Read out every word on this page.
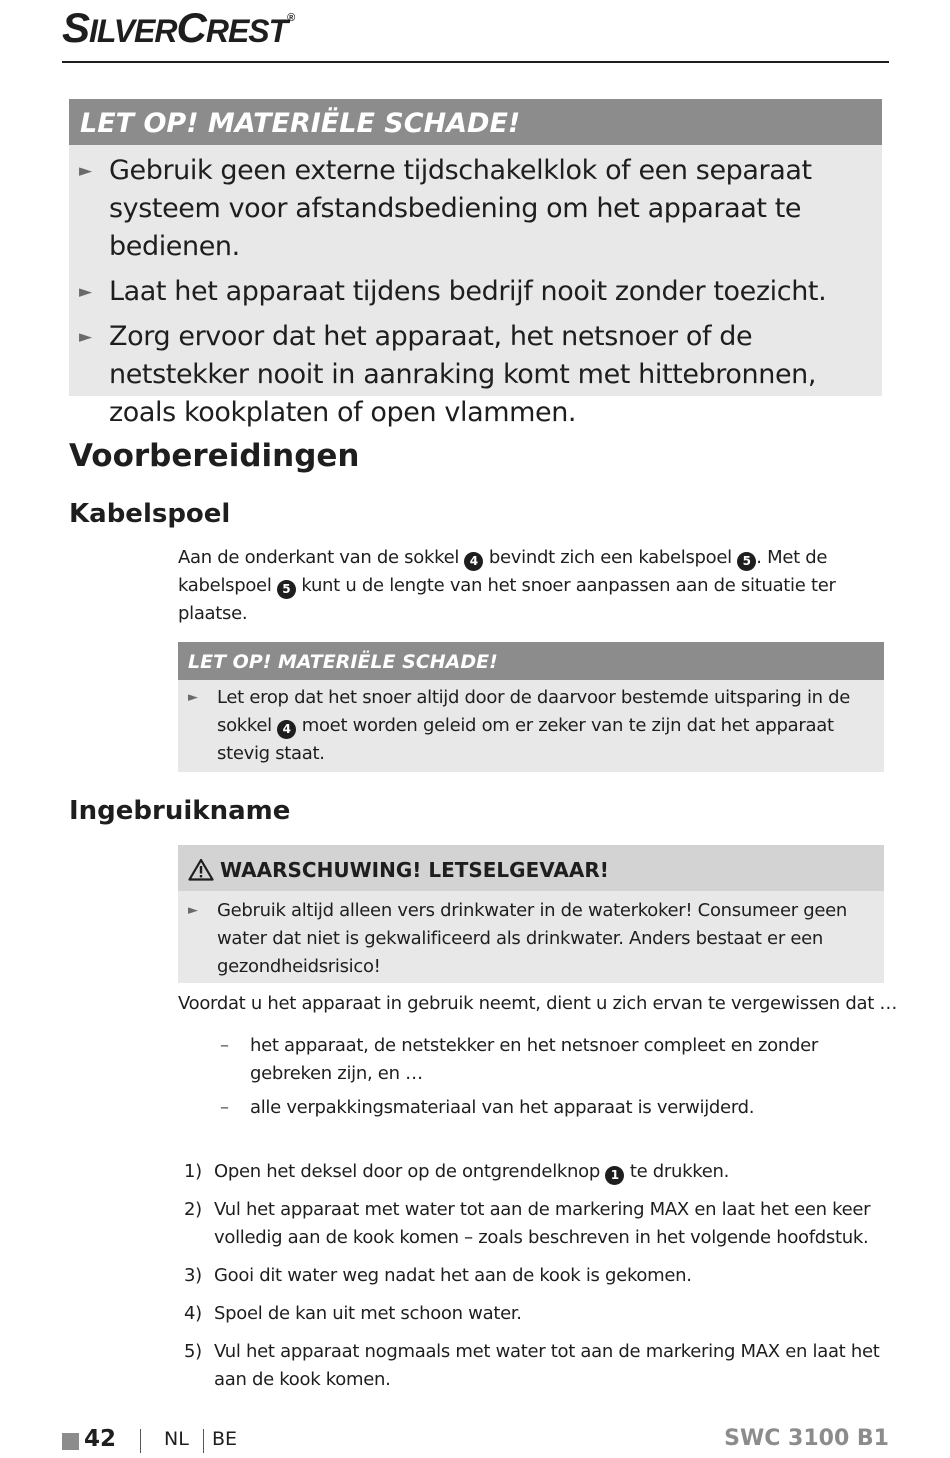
SILVERCREST®
LET OP! MATERIËLE SCHADE!
► Gebruik geen externe tijdschakelklok of een separaat systeem voor afstandsbediening om het apparaat te bedienen.
► Laat het apparaat tijdens bedrijf nooit zonder toezicht.
► Zorg ervoor dat het apparaat, het netsnoer of de netstekker nooit in aanraking komt met hittebronnen, zoals kookplaten of open vlammen.
Voorbereidingen
Kabelspoel
Aan de onderkant van de sokkel 4 bevindt zich een kabelspoel 5 . Met de kabelspoel 5 kunt u de lengte van het snoer aanpassen aan de situatie ter plaatse.
LET OP! MATERIËLE SCHADE!
►	Let erop dat het snoer altijd door de daarvoor bestemde uitsparing in de sokkel 4 moet worden geleid om er zeker van te zijn dat het apparaat stevig staat.
Ingebruikname
WAARSCHUWING! LETSELGEVAAR!
►	Gebruik altijd alleen vers drinkwater in de waterkoker! Consumeer geen water dat niet is gekwalificeerd als drinkwater. Anders bestaat er een gezondheidsrisico!
Voordat u het apparaat in gebruik neemt, dient u zich ervan te vergewissen dat …
–	het apparaat, de netstekker en het netsnoer compleet en zonder gebreken zijn, en …
–	alle verpakkingsmateriaal van het apparaat is verwijderd.
1) Open het deksel door op de ontgrendelknop 1 te drukken.
2) Vul het apparaat met water tot aan de markering MAX en laat het een keer volledig aan de kook komen – zoals beschreven in het volgende hoofdstuk.
3) Gooi dit water weg nadat het aan de kook is gekomen.
4) Spoel de kan uit met schoon water.
5) Vul het apparaat nogmaals met water tot aan de markering MAX en laat het aan de kook komen.
42	NL BE	SWC 3100 B1
